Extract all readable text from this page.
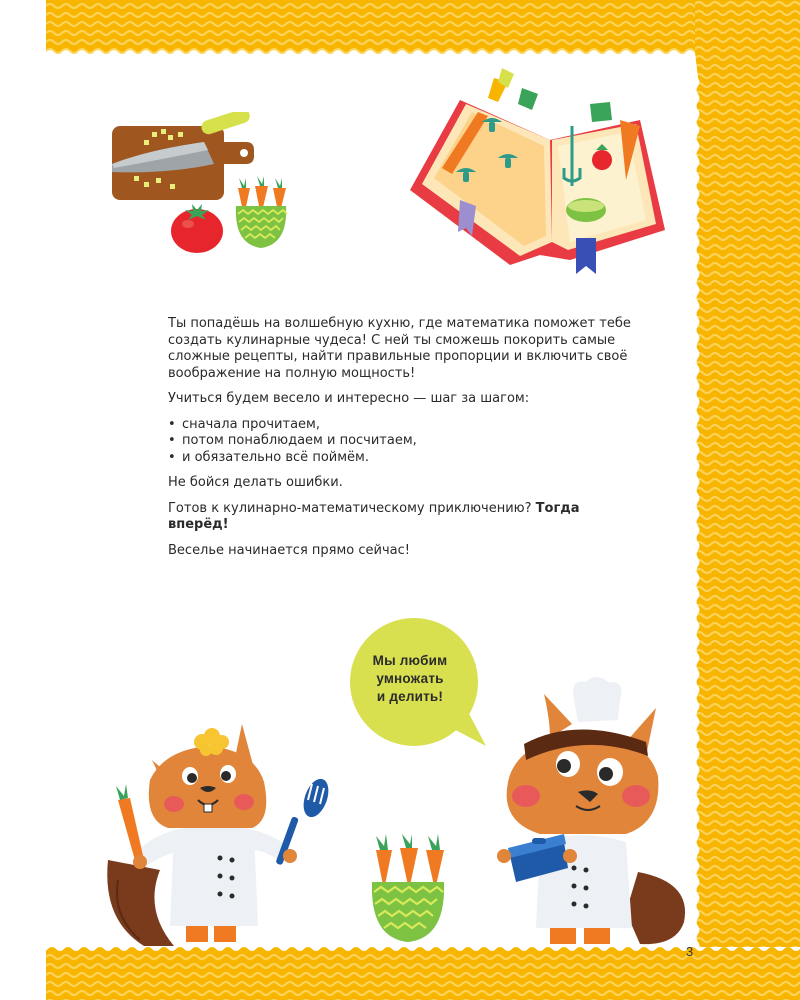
Ты попадёшь на волшебную кухню, где математика поможет тебе создать кулинарные чудеса! С ней ты сможешь покорить самые сложные рецепты, найти правильные пропорции и включить своё воображение на полную мощность!

Учиться будем весело и интересно — шаг за шагом:

• сначала прочитаем,
• потом понаблюдаем и посчитаем,
• и обязательно всё поймём.

Не бойся делать ошибки.

Готов к кулинарно-математическому приключению? Тогда вперёд!

Веселье начинается прямо сейчас!

Мы любим
умножать
и делить!
3
